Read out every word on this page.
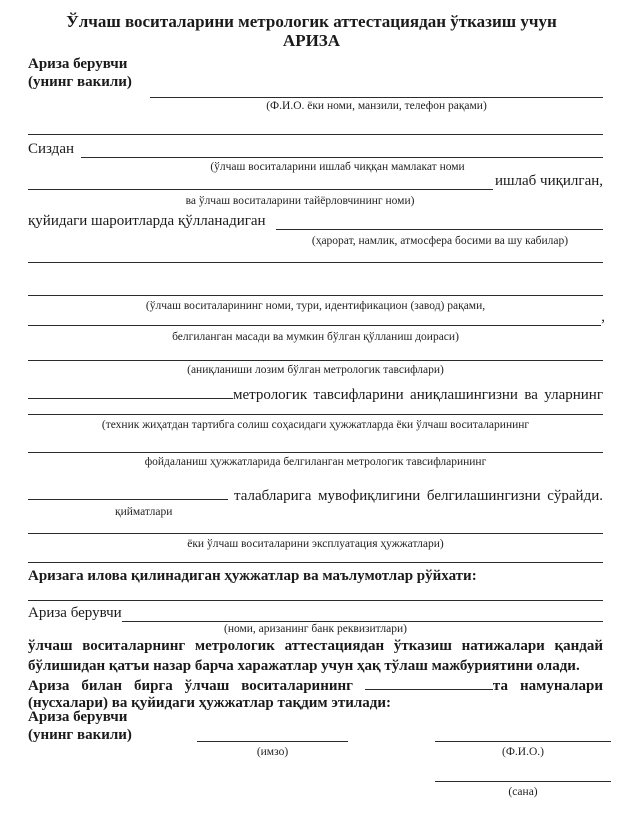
Ўлчаш воситаларини метрологик аттестациядан ўтказиш учун
АРИЗА
Ариза берувчи
(унинг вакили)
(Ф.И.О. ёки номи, манзили, телефон рақами)
Сиздан
(ўлчаш воситаларини ишлаб чиққан мамлакат номи
ишлаб чиқилган,
ва ўлчаш воситаларини тайёрловчининг номи)
қуйидаги шароитларда қўлланадиган
(ҳарорат, намлик, атмосфера босими ва шу кабилар)
(ўлчаш воситаларининг номи, тури, идентификацион (завод) рақами,
,
белгиланган масади ва мумкин бўлган қўлланиш доираси)
(аниқланиши лозим бўлган метрологик тавсифлари)
метрологик тавсифларини аниқлашингизни ва уларнинг
(техник жиҳатдан тартибга солиш соҳасидаги ҳужжатларда ёки ўлчаш воситаларининг
фойдаланиш ҳужжатларида белгиланган метрологик тавсифларининг
талабларига мувофиқлигини белгилашингизни сўрайди.
қийматлари
ёки ўлчаш воситаларини эксплуатация ҳужжатлари)
Аризага илова қилинадиган ҳужжатлар ва маълумотлар рўйхати:
Ариза берувчи
(номи, аризанинг банк реквизитлари)
ўлчаш воситаларнинг метрологик аттестациядан ўтказиш натижалари қандай бўлишидан қатъи назар барча харажатлар учун ҳақ тўлаш мажбуриятини олади.
Ариза билан бирга ўлчаш воситаларининг	та намуналари
(нусхалари) ва қуйидаги ҳужжатлар тақдим этилади:
Ариза берувчи
(унинг вакили)
(имзо)	(Ф.И.О.)
(сана)
